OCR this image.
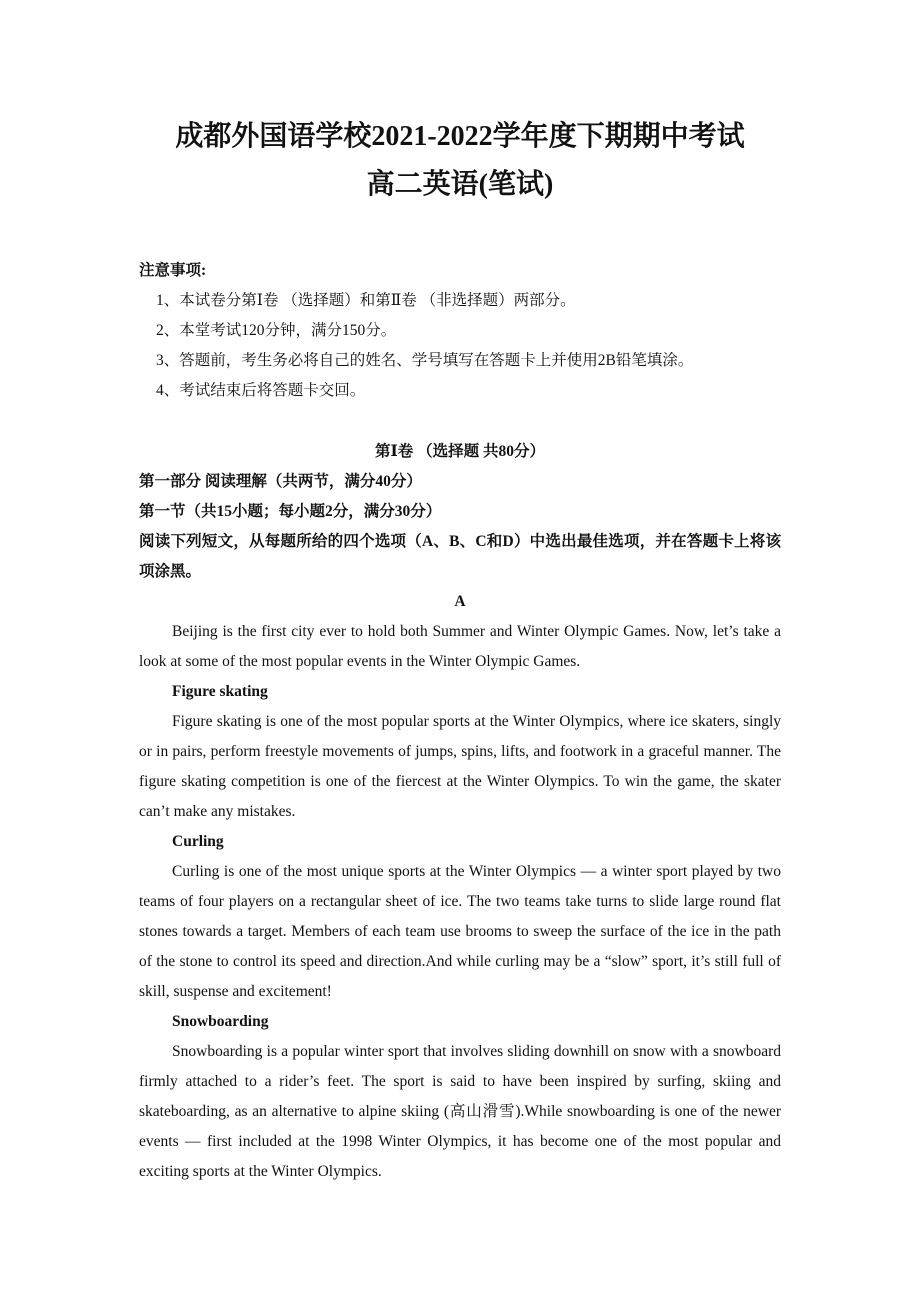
成都外国语学校2021-2022学年度下期期中考试
高二英语(笔试)
注意事项:
1、本试卷分第Ⅰ卷 （选择题）和第Ⅱ卷 （非选择题）两部分。
2、本堂考试120分钟，满分150分。
3、答题前，考生务必将自己的姓名、学号填写在答题卡上并使用2B铅笔填涂。
4、考试结束后将答题卡交回。
第Ⅰ卷 （选择题 共80分）
第一部分 阅读理解（共两节，满分40分）
第一节（共15小题；每小题2分，满分30分）
阅读下列短文，从每题所给的四个选项（A、B、C和D）中选出最佳选项，并在答题卡上将该项涂黑。
A
Beijing is the first city ever to hold both Summer and Winter Olympic Games. Now, let’s take a look at some of the most popular events in the Winter Olympic Games.
Figure skating
Figure skating is one of the most popular sports at the Winter Olympics, where ice skaters, singly or in pairs, perform freestyle movements of jumps, spins, lifts, and footwork in a graceful manner. The figure skating competition is one of the fiercest at the Winter Olympics. To win the game, the skater can’t make any mistakes.
Curling
Curling is one of the most unique sports at the Winter Olympics — a winter sport played by two teams of four players on a rectangular sheet of ice. The two teams take turns to slide large round flat stones towards a target. Members of each team use brooms to sweep the surface of the ice in the path of the stone to control its speed and direction.And while curling may be a “slow” sport, it’s still full of skill, suspense and excitement!
Snowboarding
Snowboarding is a popular winter sport that involves sliding downhill on snow with a snowboard firmly attached to a rider’s feet. The sport is said to have been inspired by surfing, skiing and skateboarding, as an alternative to alpine skiing (高山滑雪).While snowboarding is one of the newer events — first included at the 1998 Winter Olympics, it has become one of the most popular and exciting sports at the Winter Olympics.
